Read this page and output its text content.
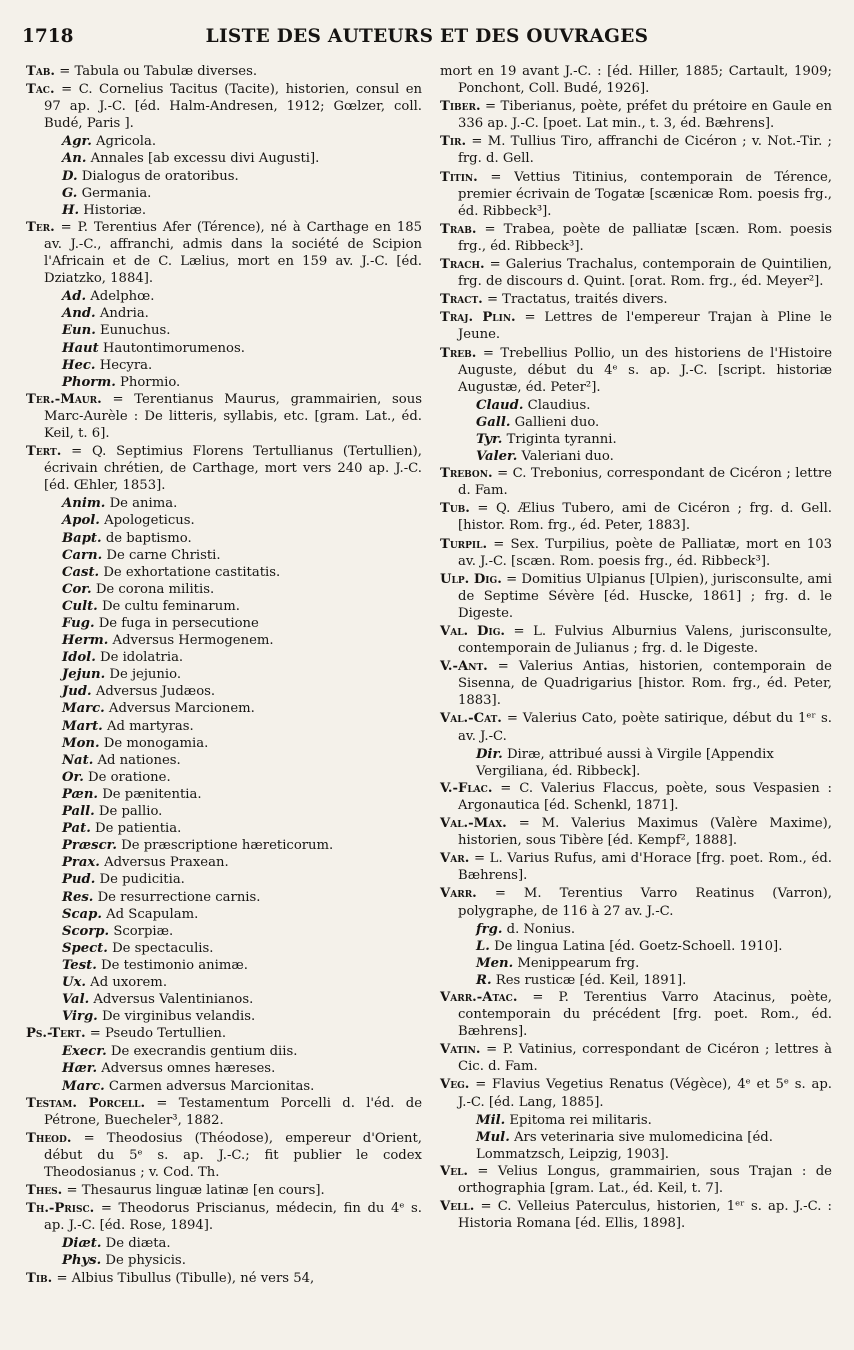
1718	LISTE DES AUTEURS ET DES OUVRAGES
Tab. = Tabula ou Tabulæ diverses.
Tac. = C. Cornelius Tacitus (Tacite), historien, consul en 97 ap. J.-C. [éd. Halm-Andresen, 1912; Gœlzer, coll. Budé, Paris ].
Agr. Agricola.
An. Annales [ab excessu divi Augusti].
D. Dialogus de oratoribus.
G. Germania.
H. Historiæ.
Ter. = P. Terentius Afer (Térence), né à Carthage en 185 av. J.-C., affranchi, admis dans la société de Scipion l'Africain et de C. Lælius, mort en 159 av. J.-C. [éd. Dziatzko, 1884].
Ad. Adelphœ.
And. Andria.
Eun. Eunuchus.
Haut Hautontimorumenos.
Hec. Hecyra.
Phorm. Phormio.
Ter.-Maur. = Terentianus Maurus, grammairien, sous Marc-Aurèle : De litteris, syllabis, etc. [gram. Lat., éd. Keil, t. 6].
Tert. = Q. Septimius Florens Tertullianus (Tertullien), écrivain chrétien, de Carthage, mort vers 240 ap. J.-C. [éd. Œhler, 1853].
Anim. De anima.
Apol. Apologeticus.
Bapt. de baptismo.
Carn. De carne Christi.
Cast. De exhortatione castitatis.
Cor. De corona militis.
Cult. De cultu feminarum.
Fug. De fuga in persecutione
Herm. Adversus Hermogenem.
Idol. De idolatria.
Jejun. De jejunio.
Jud. Adversus Judæos.
Marc. Adversus Marcionem.
Mart. Ad martyras.
Mon. De monogamia.
Nat. Ad nationes.
Or. De oratione.
Pæn. De pænitentia.
Pall. De pallio.
Pat. De patientia.
Præscr. De præscriptione hæreticorum.
Prax. Adversus Praxean.
Pud. De pudicitia.
Res. De resurrectione carnis.
Scap. Ad Scapulam.
Scorp. Scorpiæ.
Spect. De spectaculis.
Test. De testimonio animæ.
Ux. Ad uxorem.
Val. Adversus Valentinianos.
Virg. De virginibus velandis.
Ps.-Tert. = Pseudo Tertullien.
Execr. De execrandis gentium diis.
Hær. Adversus omnes hæreses.
Marc. Carmen adversus Marcionitas.
Testam. Porcell. = Testamentum Porcelli d. l'éd. de Pétrone, Buecheler³, 1882.
Theod. = Theodosius (Théodose), empereur d'Orient, début du 5ᵉ s. ap. J.-C.; fit publier le codex Theodosianus ; v. Cod. Th.
Thes. = Thesaurus linguæ latinæ [en cours].
Th.-Prisc. = Theodorus Priscianus, médecin, fin du 4ᵉ s. ap. J.-C. [éd. Rose, 1894].
Diæt. De diæta.
Phys. De physicis.
Tib. = Albius Tibullus (Tibulle), né vers 54,
mort en 19 avant J.-C. : [éd. Hiller, 1885; Cartault, 1909; Ponchont, Coll. Budé, 1926].
Tiber. = Tiberianus, poète, préfet du prétoire en Gaule en 336 ap. J.-C. [poet. Lat min., t. 3, éd. Bæhrens].
Tir. = M. Tullius Tiro, affranchi de Cicéron ; v. Not.-Tir. ; frg. d. Gell.
Titin. = Vettius Titinius, contemporain de Térence, premier écrivain de Togatæ [scænicæ Rom. poesis frg., éd. Ribbeck³].
Trab. = Trabea, poète de palliatæ [scæn. Rom. poesis frg., éd. Ribbeck³].
Trach. = Galerius Trachalus, contemporain de Quintilien, frg. de discours d. Quint. [orat. Rom. frg., éd. Meyer²].
Tract. = Tractatus, traités divers.
Traj. Plin. = Lettres de l'empereur Trajan à Pline le Jeune.
Treb. = Trebellius Pollio, un des historiens de l'Histoire Auguste, début du 4ᵉ s. ap. J.-C. [script. historiæ Augustæ, éd. Peter²].
Claud. Claudius.
Gall. Gallieni duo.
Tyr. Triginta tyranni.
Valer. Valeriani duo.
Trebon. = C. Trebonius, correspondant de Cicéron ; lettre d. Fam.
Tub. = Q. Ælius Tubero, ami de Cicéron ; frg. d. Gell. [histor. Rom. frg., éd. Peter, 1883].
Turpil. = Sex. Turpilius, poète de Palliatæ, mort en 103 av. J.-C. [scæn. Rom. poesis frg., éd. Ribbeck³].
Ulp. Dig. = Domitius Ulpianus [Ulpien), jurisconsulte, ami de Septime Sévère [éd. Huscke, 1861] ; frg. d. le Digeste.
Val. Dig. = L. Fulvius Alburnius Valens, jurisconsulte, contemporain de Julianus ; frg. d. le Digeste.
V.-Ant. = Valerius Antias, historien, contemporain de Sisenna, de Quadrigarius [histor. Rom. frg., éd. Peter, 1883].
Val.-Cat. = Valerius Cato, poète satirique, début du 1ᵉʳ s. av. J.-C.
Dir. Diræ, attribué aussi à Virgile [Appendix Vergiliana, éd. Ribbeck].
V.-Flac. = C. Valerius Flaccus, poète, sous Vespasien : Argonautica [éd. Schenkl, 1871].
Val.-Max. = M. Valerius Maximus (Valère Maxime), historien, sous Tibère [éd. Kempf², 1888].
Var. = L. Varius Rufus, ami d'Horace [frg. poet. Rom., éd. Bæhrens].
Varr. = M. Terentius Varro Reatinus (Varron), polygraphe, de 116 à 27 av. J.-C.
frg. d. Nonius.
L. De lingua Latina [éd. Goetz-Schoell. 1910].
Men. Menippearum frg.
R. Res rusticæ [éd. Keil, 1891].
Varr.-Atac. = P. Terentius Varro Atacinus, poète, contemporain du précédent [frg. poet. Rom., éd. Bæhrens].
Vatin. = P. Vatinius, correspondant de Cicéron ; lettres à Cic. d. Fam.
Veg. = Flavius Vegetius Renatus (Végèce), 4ᵉ et 5ᵉ s. ap. J.-C. [éd. Lang, 1885].
Mil. Epitoma rei militaris.
Mul. Ars veterinaria sive mulomedicina [éd. Lommatzsch, Leipzig, 1903].
Vel. = Velius Longus, grammairien, sous Trajan : de orthographia [gram. Lat., éd. Keil, t. 7].
Vell. = C. Velleius Paterculus, historien, 1ᵉʳ s. ap. J.-C. : Historia Romana [éd. Ellis, 1898].
